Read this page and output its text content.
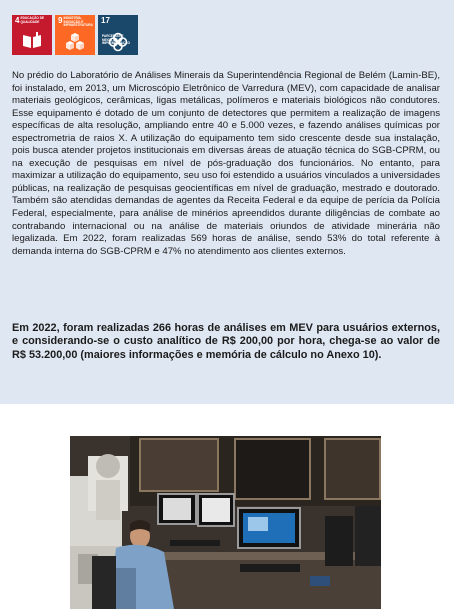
4EDUCAÇÃO DE QUALIDADE	9INDÚSTRIA, INOVAÇÃO E INFRAESTRUTURA
17PARCERIAS E MEIOS DE IMPLEMENTAÇÃO

No prédio do Laboratório de Análises Minerais da Superintendência Regional de Belém (Lamin-BE), foi instalado, em 2013, um Microscópio Eletrônico de Varredura (MEV), com capacidade de analisar materiais geológicos, cerâmicas, ligas metálicas, polímeros e materiais biológicos não condutores. Esse equipamento é dotado de um conjunto de detectores que permitem a realização de imagens específicas de alta resolução, ampliando entre 40 e 5.000 vezes, e fazendo análises químicas por espectrometria de raios X. A utilização do equipamento tem sido crescente desde sua instalação, pois busca atender projetos institucionais em diversas áreas de atuação técnica do SGB-CPRM, ou na execução de pesquisas em nível de pós-graduação dos funcionários. No entanto, para maximizar a utilização do equipamento, seu uso foi estendido a usuários vinculados a universidades públicas, na realização de pesquisas geocientíficas em nível de graduação, mestrado e doutorado. Também são atendidas demandas de agentes da Receita Federal e da equipe de perícia da Polícia Federal, especialmente, para análise de minérios apreendidos durante diligências de combate ao contrabando internacional ou na análise de materiais oriundos de atividade minerária não legalizada. Em 2022, foram realizadas 569 horas de análise, sendo 53% do total referente à demanda interna do SGB-CPRM e 47% no atendimento aos clientes externos.

Em 2022, foram realizadas 266 horas de análises em MEV para usuários externos, e considerando-se o custo analítico de R$ 200,00 por hora, chega-se ao valor de R$ 53.200,00 (maiores informações e memória de cálculo no Anexo 10).
